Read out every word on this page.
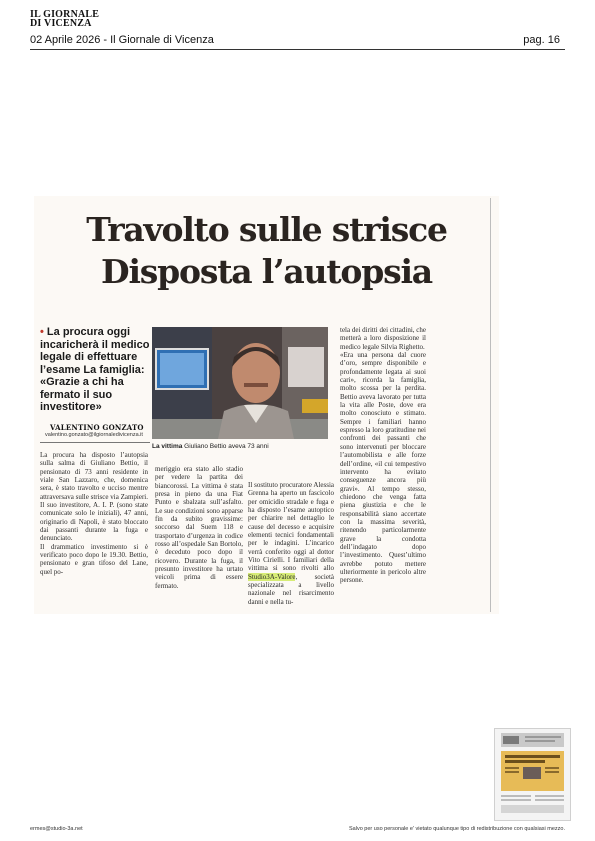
IL GIORNALE
DI VICENZA
02 Aprile 2026 - Il Giornale di Vicenza	pag. 16
Travolto sulle strisce
Disposta l’autopsia
• La procura oggi incaricherà il medico legale di effettuare l’esame La famiglia: «Grazie a chi ha fermato il suo investitore»
VALENTINO GONZATO
valentino.gonzato@ilgiornaledivicenza.it
La vittima Giuliano Bettio aveva 73 anni

La procura ha disposto l’autopsia sulla salma di Giuliano Bettio, il pensionato di 73 anni residente in viale San Lazzaro, che, domenica sera, è stato travolto e ucciso mentre attraversava sulle strisce via Zampieri. Il suo investitore, A. I. P. (sono state comunicate solo le iniziali), 47 anni, originario di Napoli, è stato bloccato dai passanti durante la fuga e denunciato.

Il drammatico investimento si è verificato poco dopo le 19.30. Bettio, pensionato e gran tifoso del Lane, quel po-

meriggio era stato allo stadio per vedere la partita dei biancorossi. La vittima è stata presa in pieno da una Fiat Punto e sbalzata sull’asfalto. Le sue condizioni sono apparse fin da subito gravissime: soccorso dal Suem 118 e trasportato d’urgenza in codice rosso all’ospedale San Bortolo, è deceduto poco dopo il ricovero. Durante la fuga, il presunto investitore ha urtato veicoli prima di essere fermato.

Il sostituto procuratore Alessia Grenna ha aperto un fascicolo per omicidio stradale e fuga e ha disposto l’esame autoptico per chiarire nel dettaglio le cause del decesso e acquisire elementi tecnici fondamentali per le indagini. L’incarico verrà conferito oggi al dottor Vito Cirielli. I familiari della vittima si sono rivolti allo Studio3A-Valore, società specializzata a livello nazionale nel risarcimento danni e nella tu-

tela dei diritti dei cittadini, che metterà a loro disposizione il medico legale Silvia Righetto.

«Era una persona dal cuore d’oro, sempre disponibile e profondamente legata ai suoi cari», ricorda la famiglia, molto scossa per la perdita. Bettio aveva lavorato per tutta la vita alle Poste, dove era molto conosciuto e stimato. Sempre i familiari hanno espresso la loro gratitudine nei confronti dei passanti che sono intervenuti per bloccare l’automobilista e alle forze dell’ordine, «il cui tempestivo intervento ha evitato conseguenze ancora più gravi». Al tempo stesso, chiedono che venga fatta piena giustizia e che le responsabilità siano accertate con la massima severità, ritenendo particolarmente grave la condotta dell’indagato dopo l’investimento. Quest’ultimo avrebbe potuto mettere ulteriormente in pericolo altre persone.

ermes@studio-3a.net	Salvo per uso personale e' vietato qualunque tipo di redistribuzione con qualsiasi mezzo.
